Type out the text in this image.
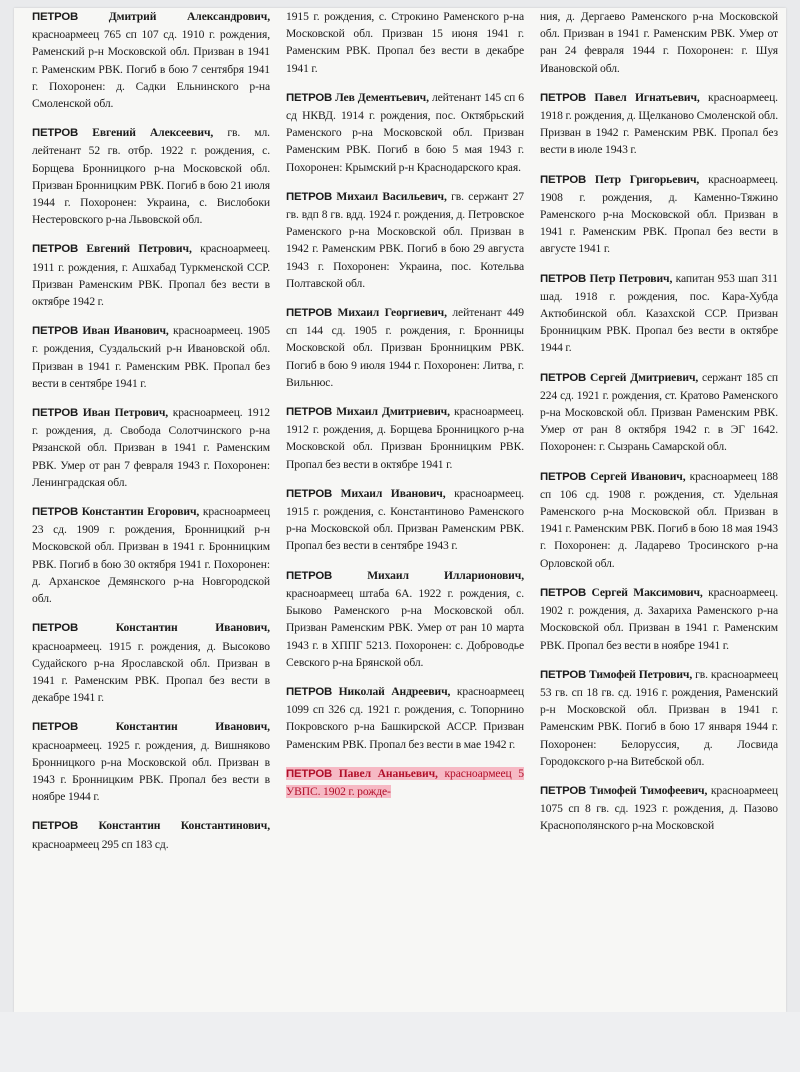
ПЕТРОВ	Дмитрий Александрович, красноармеец 765 сп 107 сд. 1910 г. рождения, Раменский р-н Московской обл. Призван в 1941 г. Раменским РВК. Погиб в бою 7 сентября 1941 г. Похоронен: д. Садки Ельнинского р-на Смоленской обл.

ПЕТРОВ Евгений Алексеевич, гв. мл. лейтенант 52 гв. отбр. 1922 г. рождения, с. Борщева Бронницкого р-на Московской обл. Призван Бронницким РВК. Погиб в бою 21 июля 1944 г. Похоронен: Украина, с. Вислобоки Нестеровского р-на Львовской обл.

ПЕТРОВ Евгений Петрович, красноармеец. 1911 г. рождения, г. Ашхабад Туркменской ССР. Призван Раменским РВК. Пропал без вести в октябре 1942 г.

ПЕТРОВ Иван Иванович, красноармеец. 1905 г. рождения, Суздальский р-н Ивановской обл. Призван в 1941 г. Раменским РВК. Пропал без вести в сентябре 1941 г.

ПЕТРОВ Иван Петрович, красноармеец. 1912 г. рождения, д. Свобода Солотчинского р-на Рязанской обл. Призван в 1941 г. Раменским РВК. Умер от ран 7 февраля 1943 г. Похоронен: Ленинградская обл.

ПЕТРОВ Константин Егорович, красноармеец 23 сд. 1909 г. рождения, Бронницкий р-н Московской обл. Призван в 1941 г. Бронницким РВК. Погиб в бою 30 октября 1941 г. Похоронен: д. Арханское Демянского р-на Новгородской обл.

ПЕТРОВ	Константин Иванович, красноармеец. 1915 г. рождения, д. Высоково Судайского р-на Ярославской обл. Призван в 1941 г. Раменским РВК. Пропал без вести в декабре 1941 г.

ПЕТРОВ	Константин Иванович, красноармеец. 1925 г. рождения, д. Вишняково Бронницкого р-на Московской обл. Призван в 1943 г. Бронницким РВК. Пропал без вести в ноябре 1944 г.

ПЕТРОВ Константин Константинович, красноармеец 295 сп 183 сд.

1915 г. рождения, с. Строкино Раменского р-на Московской обл. Призван 15 июня 1941 г. Раменским РВК. Пропал без вести в декабре 1941 г.

ПЕТРОВ Лев Дементьевич, лейтенант 145 сп 6 сд НКВД. 1914 г. рождения, пос. Октябрьский Раменского р-на Московской обл. Призван Раменским РВК. Погиб в бою 5 мая 1943 г. Похоронен: Крымский р-н Краснодарского края.

ПЕТРОВ Михаил Васильевич, гв. сержант 27 гв. вдп 8 гв. вдд. 1924 г. рождения, д. Петровское Раменского р-на Московской обл. Призван в 1942 г. Раменским РВК. Погиб в бою 29 августа 1943 г. Похоронен: Украина, пос. Котельва Полтавской обл.

ПЕТРОВ Михаил Георгиевич, лейтенант 449 сп 144 сд. 1905 г. рождения, г. Бронницы Московской обл. Призван Бронницким РВК. Погиб в бою 9 июля 1944 г. Похоронен: Литва, г. Вильнюс.

ПЕТРОВ Михаил Дмитриевич, красноармеец. 1912 г. рождения, д. Борщева Бронницкого р-на Московской обл. Призван Бронницким РВК. Пропал без вести в октябре 1941 г.

ПЕТРОВ Михаил Иванович, красноармеец. 1915 г. рождения, с. Константиново Раменского р-на Московской обл. Призван Раменским РВК. Пропал без вести в сентябре 1943 г.

ПЕТРОВ	Михаил Илларионович, красноармеец штаба 6А. 1922 г. рождения, с. Быково Раменского р-на Московской обл. Призван Раменским РВК. Умер от ран 10 марта 1943 г. в ХППГ 5213. Похоронен: с. Доброводье Севского р-на Брянской обл.

ПЕТРОВ Николай Андреевич, красноармеец 1099 сп 326 сд. 1921 г. рождения, с. Топорнино Покровского р-на Башкирской АССР. Призван Раменским РВК. Пропал без вести в мае 1942 г.

ПЕТРОВ Павел Ананьевич, красноармеец 5 УВПС. 1902 г. рожде-

ния, д. Дергаево Раменского р-на Московской обл. Призван в 1941 г. Раменским РВК. Умер от ран 24 февраля 1944 г. Похоронен: г. Шуя Ивановской обл.

ПЕТРОВ Павел Игнатьевич, красноармеец. 1918 г. рождения, д. Щелканово Смоленской обл. Призван в 1942 г. Раменским РВК. Пропал без вести в июле 1943 г.

ПЕТРОВ Петр Григорьевич, красноармеец. 1908 г. рождения, д. Каменно-Тяжино Раменского р-на Московской обл. Призван в 1941 г. Раменским РВК. Пропал без вести в августе 1941 г.

ПЕТРОВ Петр Петрович, капитан 953 шап 311 шад. 1918 г. рождения, пос. Кара-Хубда Актюбинской обл. Казахской ССР. Призван Бронницким РВК. Пропал без вести в октябре 1944 г.

ПЕТРОВ Сергей Дмитриевич, сержант 185 сп 224 сд. 1921 г. рождения, ст. Кратово Раменского р-на Московской обл. Призван Раменским РВК. Умер от ран 8 октября 1942 г. в ЭГ 1642. Похоронен: г. Сызрань Самарской обл.

ПЕТРОВ Сергей Иванович, красноармеец 188 сп 106 сд. 1908 г. рождения, ст. Удельная Раменского р-на Московской обл. Призван в 1941 г. Раменским РВК. Погиб в бою 18 мая 1943 г. Похоронен: д. Ладарево Тросинского р-на Орловской обл.

ПЕТРОВ Сергей Максимович, красноармеец. 1902 г. рождения, д. Захариха Раменского р-на Московской обл. Призван в 1941 г. Раменским РВК. Пропал без вести в ноябре 1941 г.

ПЕТРОВ Тимофей Петрович, гв. красноармеец 53 гв. сп 18 гв. сд. 1916 г. рождения, Раменский р-н Московской обл. Призван в 1941 г. Раменским РВК. Погиб в бою 17 января 1944 г. Похоронен: Белоруссия, д. Лосвида Городокского р-на Витебской обл.

ПЕТРОВ Тимофей Тимофеевич, красноармеец 1075 сп 8 гв. сд. 1923 г. рождения, д. Пазово Краснополянского р-на Московской
